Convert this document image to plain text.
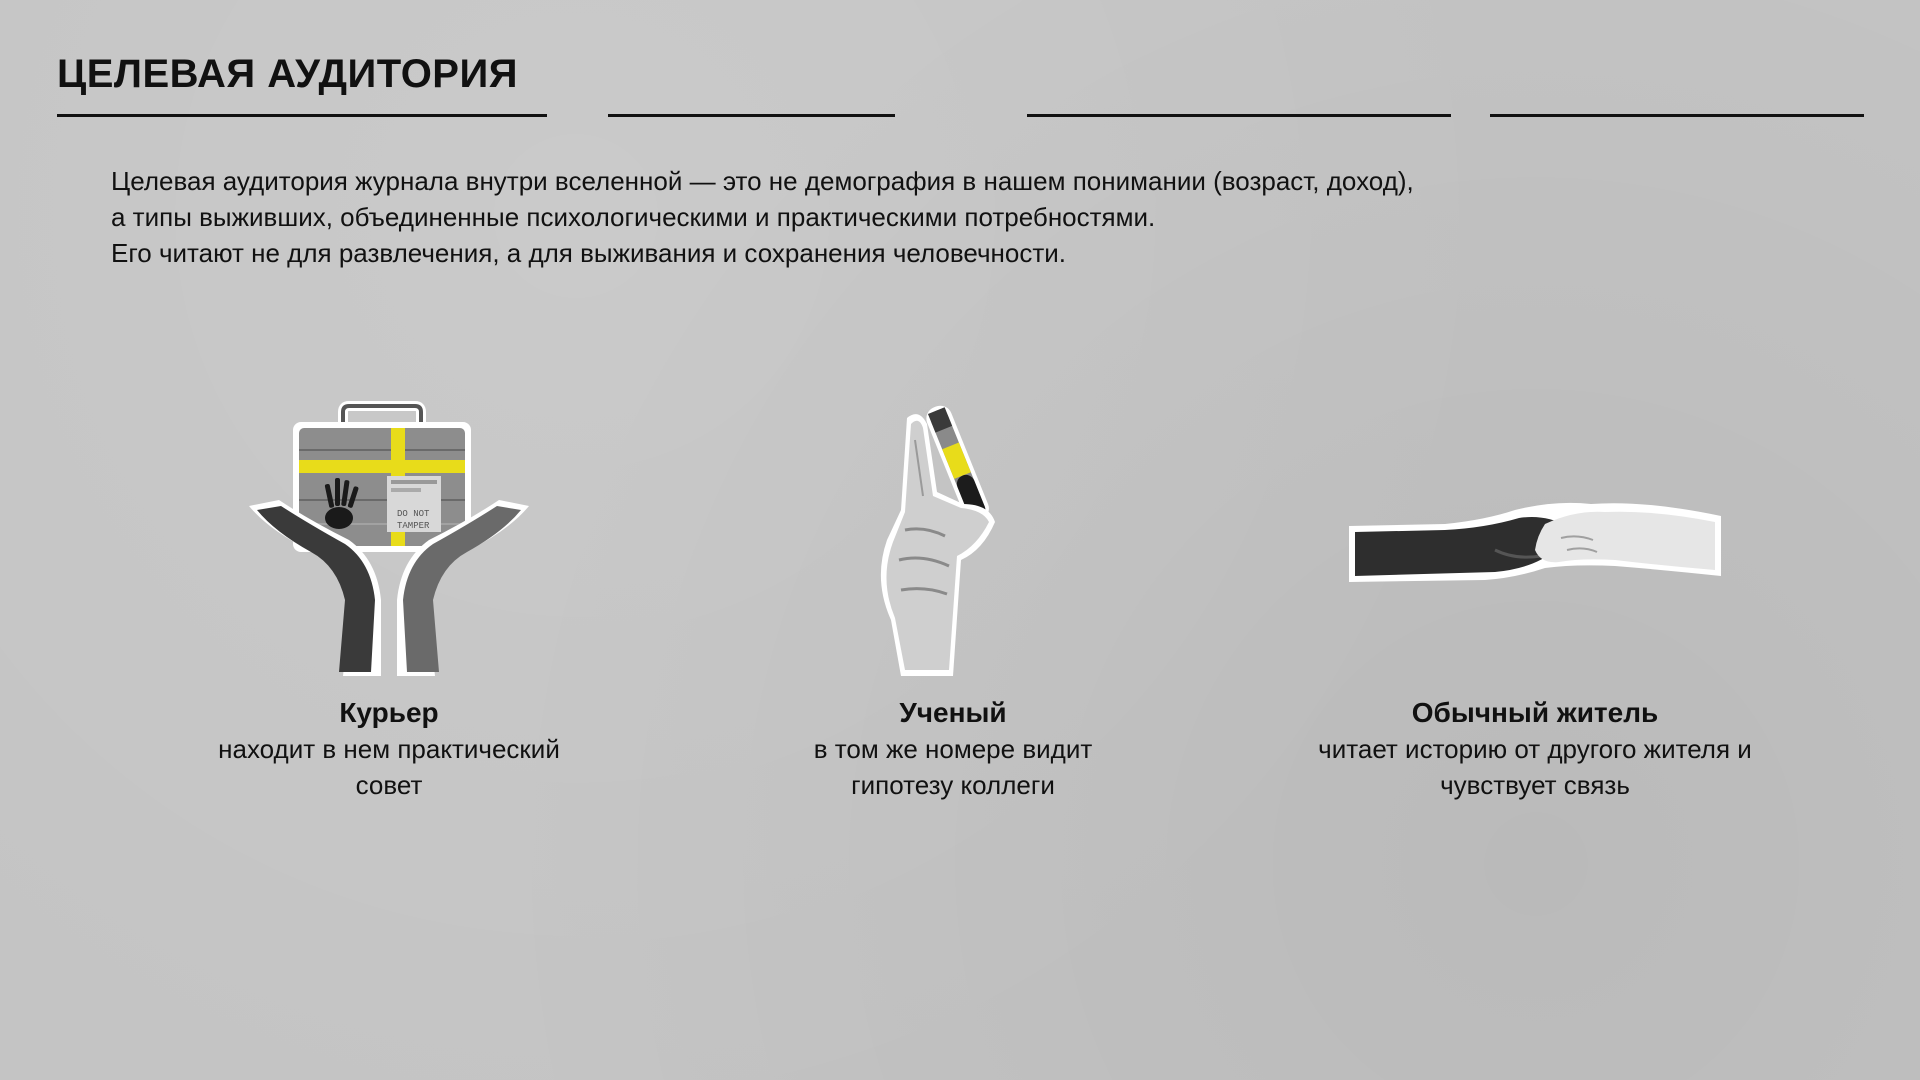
ЦЕЛЕВАЯ АУДИТОРИЯ

Целевая аудитория журнала внутри вселенной — это не демография в нашем понимании (возраст, доход),

а типы выживших, объединенные психологическими и практическими потребностями.

Его читают не для развлечения, а для выживания и сохранения человечности.

DO NOT
TAMPER
Курьер
находит в нем практический совет
Ученый
в том же номере видит гипотезу коллеги
Обычный житель
читает историю от другого жителя и чувствует связь
